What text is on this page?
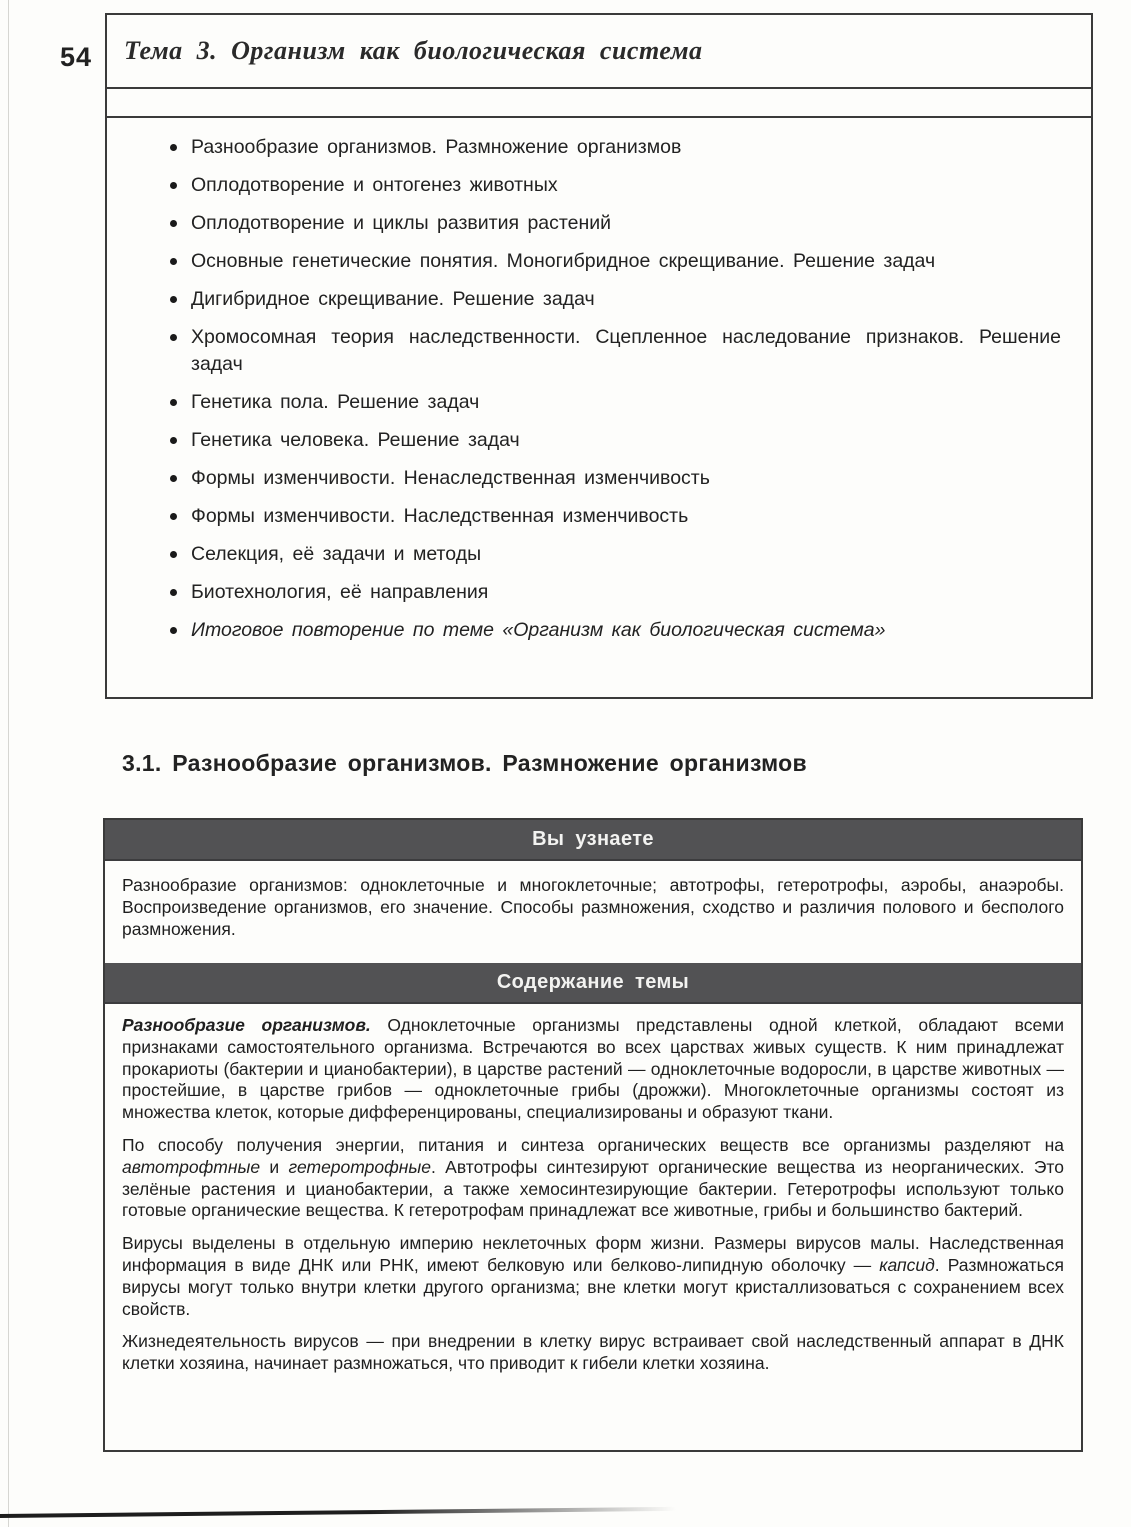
54 Тема 3. Организм как биологическая система
Разнообразие организмов. Размножение организмов
Оплодотворение и онтогенез животных
Оплодотворение и циклы развития растений
Основные генетические понятия. Моногибридное скрещивание. Решение задач
Дигибридное скрещивание. Решение задач
Хромосомная теория наследственности. Сцепленное наследование признаков. Решение задач
Генетика пола. Решение задач
Генетика человека. Решение задач
Формы изменчивости. Ненаследственная изменчивость
Формы изменчивости. Наследственная изменчивость
Селекция, её задачи и методы
Биотехнология, её направления
Итоговое повторение по теме «Организм как биологическая система»
3.1. Разнообразие организмов. Размножение организмов
Вы узнаете
Разнообразие организмов: одноклеточные и многоклеточные; автотрофы, гетеротрофы, аэробы, анаэробы. Воспроизведение организмов, его значение. Способы размножения, сходство и различия полового и бесполого размножения.
Содержание темы

Разнообразие организмов. Одноклеточные организмы представлены одной клеткой, обладают всеми признаками самостоятельного организма. Встречаются во всех царствах живых существ. К ним принадлежат прокариоты (бактерии и цианобактерии), в царстве растений — одноклеточные водоросли, в царстве животных — простейшие, в царстве грибов — одноклеточные грибы (дрожжи). Многоклеточные организмы состоят из множества клеток, которые дифференцированы, специализированы и образуют ткани.

По способу получения энергии, питания и синтеза органических веществ все организмы разделяют на автотрофтные и гетеротрофные. Автотрофы синтезируют органические вещества из неорганических. Это зелёные растения и цианобактерии, а также хемосинтезирующие бактерии. Гетеротрофы используют только готовые органические вещества. К гетеротрофам принадлежат все животные, грибы и большинство бактерий.

Вирусы выделены в отдельную империю неклеточных форм жизни. Размеры вирусов малы. Наследственная информация в виде ДНК или РНК, имеют белковую или белково-липидную оболочку — капсид. Размножаться вирусы могут только внутри клетки другого организма; вне клетки могут кристаллизоваться с сохранением всех свойств.

Жизнедеятельность вирусов — при внедрении в клетку вирус встраивает свой наследственный аппарат в ДНК клетки хозяина, начинает размножаться, что приводит к гибели клетки хозяина.
